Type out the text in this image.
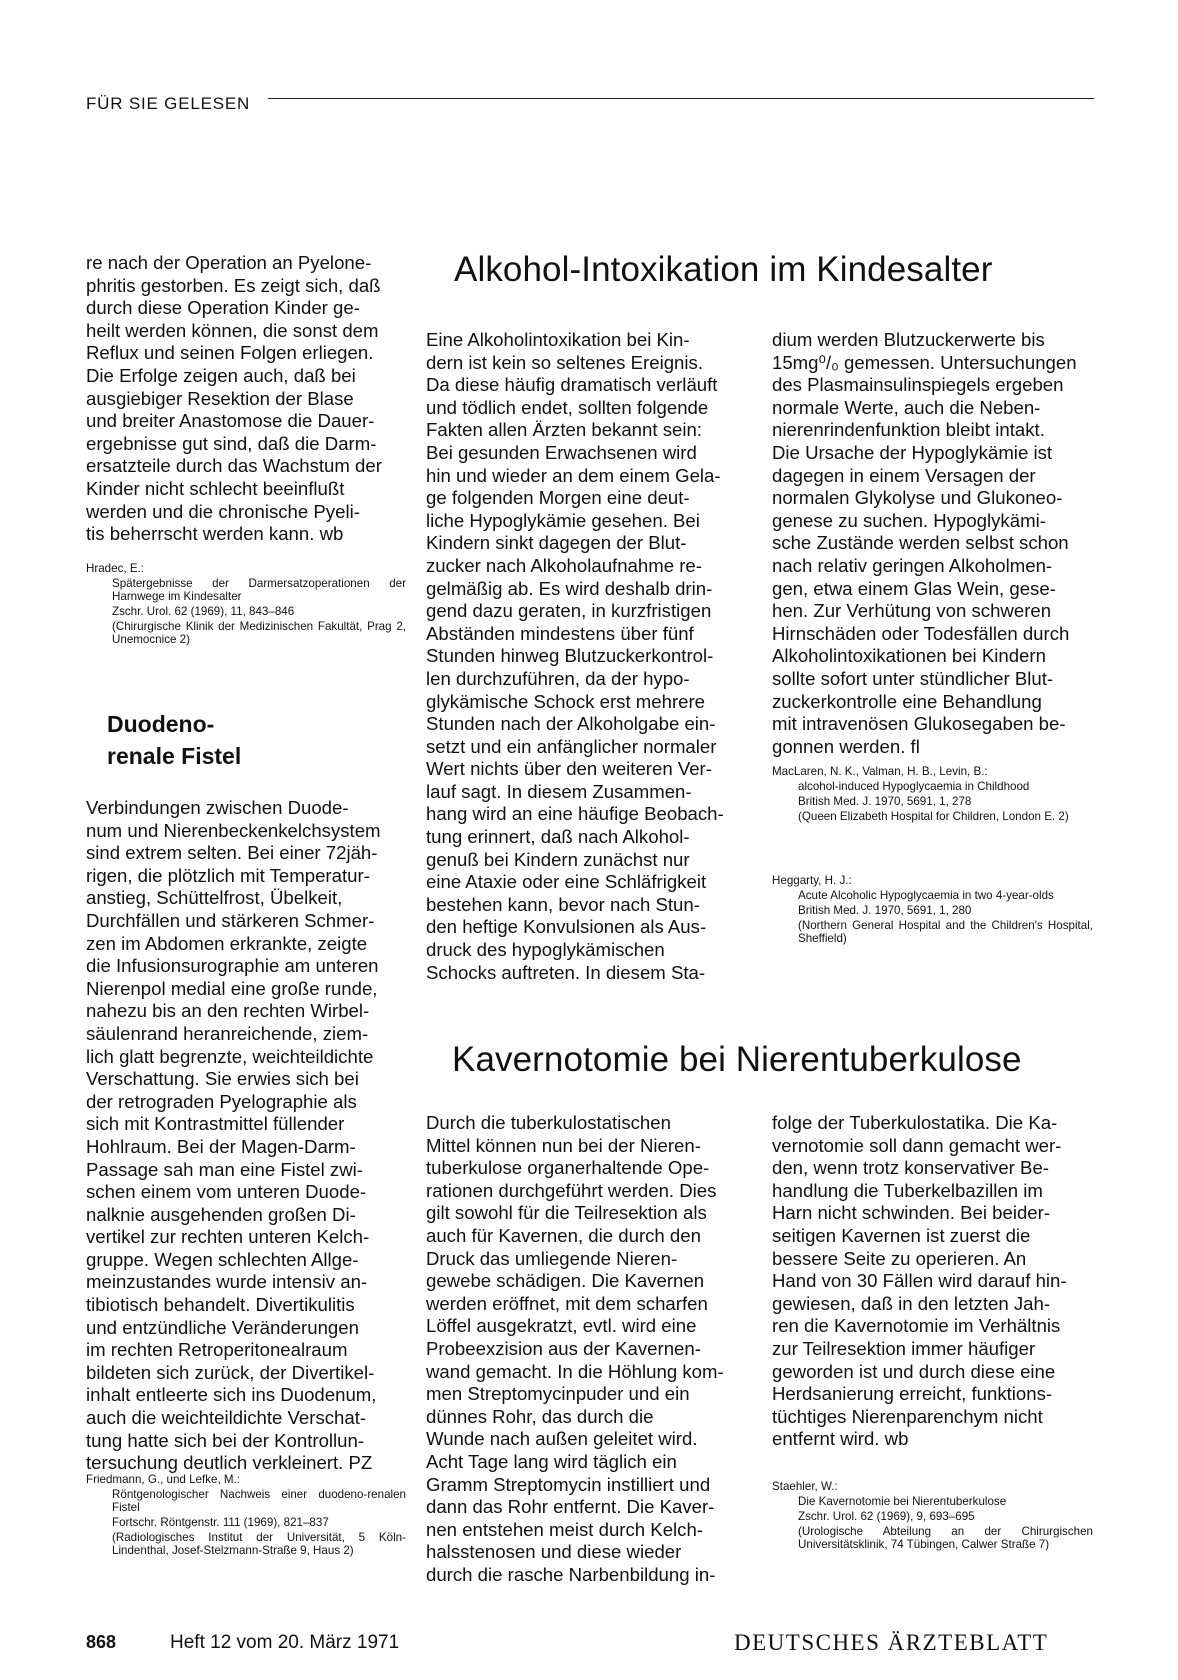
FÜR SIE GELESEN

re nach der Operation an Pyelone-
phritis gestorben. Es zeigt sich, daß
durch diese Operation Kinder ge-
heilt werden können, die sonst dem
Reflux und seinen Folgen erliegen.
Die Erfolge zeigen auch, daß bei
ausgiebiger Resektion der Blase
und breiter Anastomose die Dauer-
ergebnisse gut sind, daß die Darm-
ersatzteile durch das Wachstum der
Kinder nicht schlecht beeinflußt
werden und die chronische Pyeli-
tis beherrscht werden kann. wb

Hradec, E.:
Spätergebnisse der Darmersatzoperationen der Harnwege im Kindesalter
Zschr. Urol. 62 (1969), 11, 843–846
(Chirurgische Klinik der Medizinischen Fakultät, Prag 2, Unemocnice 2)
Duodeno-
renale Fistel

Verbindungen zwischen Duode-
num und Nierenbeckenkelchsystem
sind extrem selten. Bei einer 72jäh-
rigen, die plötzlich mit Temperatur-
anstieg, Schüttelfrost, Übelkeit,
Durchfällen und stärkeren Schmer-
zen im Abdomen erkrankte, zeigte
die Infusionsurographie am unteren
Nierenpol medial eine große runde,
nahezu bis an den rechten Wirbel-
säulenrand heranreichende, ziem-
lich glatt begrenzte, weichteildichte
Verschattung. Sie erwies sich bei
der retrograden Pyelographie als
sich mit Kontrastmittel füllender
Hohlraum. Bei der Magen-Darm-
Passage sah man eine Fistel zwi-
schen einem vom unteren Duode-
nalknie ausgehenden großen Di-
vertikel zur rechten unteren Kelch-
gruppe. Wegen schlechten Allge-
meinzustandes wurde intensiv an-
tibiotisch behandelt. Divertikulitis
und entzündliche Veränderungen
im rechten Retroperitonealraum
bildeten sich zurück, der Divertikel-
inhalt entleerte sich ins Duodenum,
auch die weichteildichte Verschat-
tung hatte sich bei der Kontrollun-
tersuchung deutlich verkleinert. PZ

Friedmann, G., und Lefke, M.:
Röntgenologischer Nachweis einer duodeno-renalen Fistel
Fortschr. Röntgenstr. 111 (1969), 821–837
(Radiologisches Institut der Universität, 5 Köln-Lindenthal, Josef-Stelzmann-Straße 9, Haus 2)
Alkohol-Intoxikation im Kindesalter

Eine Alkoholintoxikation bei Kin-
dern ist kein so seltenes Ereignis.
Da diese häufig dramatisch verläuft
und tödlich endet, sollten folgende
Fakten allen Ärzten bekannt sein:
Bei gesunden Erwachsenen wird
hin und wieder an dem einem Gela-
ge folgenden Morgen eine deut-
liche Hypoglykämie gesehen. Bei
Kindern sinkt dagegen der Blut-
zucker nach Alkoholaufnahme re-
gelmäßig ab. Es wird deshalb drin-
gend dazu geraten, in kurzfristigen
Abständen mindestens über fünf
Stunden hinweg Blutzuckerkontrol-
len durchzuführen, da der hypo-
glykämische Schock erst mehrere
Stunden nach der Alkoholgabe ein-
setzt und ein anfänglicher normaler
Wert nichts über den weiteren Ver-
lauf sagt. In diesem Zusammen-
hang wird an eine häufige Beobach-
tung erinnert, daß nach Alkohol-
genuß bei Kindern zunächst nur
eine Ataxie oder eine Schläfrigkeit
bestehen kann, bevor nach Stun-
den heftige Konvulsionen als Aus-
druck des hypoglykämischen
Schocks auftreten. In diesem Sta-

dium werden Blutzuckerwerte bis
15mg⁰/₀ gemessen. Untersuchungen
des Plasmainsulinspiegels ergeben
normale Werte, auch die Neben-
nierenrindenfunktion bleibt intakt.
Die Ursache der Hypoglykämie ist
dagegen in einem Versagen der
normalen Glykolyse und Glukoneo-
genese zu suchen. Hypoglykämi-
sche Zustände werden selbst schon
nach relativ geringen Alkoholmen-
gen, etwa einem Glas Wein, gese-
hen. Zur Verhütung von schweren
Hirnschäden oder Todesfällen durch
Alkoholintoxikationen bei Kindern
sollte sofort unter stündlicher Blut-
zuckerkontrolle eine Behandlung
mit intravenösen Glukosegaben be-
gonnen werden. fl

MacLaren, N. K., Valman, H. B., Levin, B.:
alcohol-induced Hypoglycaemia in Childhood
British Med. J. 1970, 5691, 1, 278
(Queen Elizabeth Hospital for Children, London E. 2)
Heggarty, H. J.:
Acute Alcoholic Hypoglycaemia in two 4-year-olds
British Med. J. 1970, 5691, 1, 280
(Northern General Hospital and the Children's Hospital, Sheffield)
Kavernotomie bei Nierentuberkulose

Durch die tuberkulostatischen
Mittel können nun bei der Nieren-
tuberkulose organerhaltende Ope-
rationen durchgeführt werden. Dies
gilt sowohl für die Teilresektion als
auch für Kavernen, die durch den
Druck das umliegende Nieren-
gewebe schädigen. Die Kavernen
werden eröffnet, mit dem scharfen
Löffel ausgekratzt, evtl. wird eine
Probeexzision aus der Kavernen-
wand gemacht. In die Höhlung kom-
men Streptomycinpuder und ein
dünnes Rohr, das durch die
Wunde nach außen geleitet wird.
Acht Tage lang wird täglich ein
Gramm Streptomycin instilliert und
dann das Rohr entfernt. Die Kaver-
nen entstehen meist durch Kelch-
halsstenosen und diese wieder
durch die rasche Narbenbildung in-

folge der Tuberkulostatika. Die Ka-
vernotomie soll dann gemacht wer-
den, wenn trotz konservativer Be-
handlung die Tuberkelbazillen im
Harn nicht schwinden. Bei beider-
seitigen Kavernen ist zuerst die
bessere Seite zu operieren. An
Hand von 30 Fällen wird darauf hin-
gewiesen, daß in den letzten Jah-
ren die Kavernotomie im Verhältnis
zur Teilresektion immer häufiger
geworden ist und durch diese eine
Herdsanierung erreicht, funktions-
tüchtiges Nierenparenchym nicht
entfernt wird. wb

Staehler, W.:
Die Kavernotomie bei Nierentuberkulose
Zschr. Urol. 62 (1969), 9, 693–695
(Urologische Abteilung an der Chirurgischen Universitätsklinik, 74 Tübingen, Calwer Straße 7)
868	Heft 12 vom 20. März 1971	DEUTSCHES ÄRZTEBLATT
